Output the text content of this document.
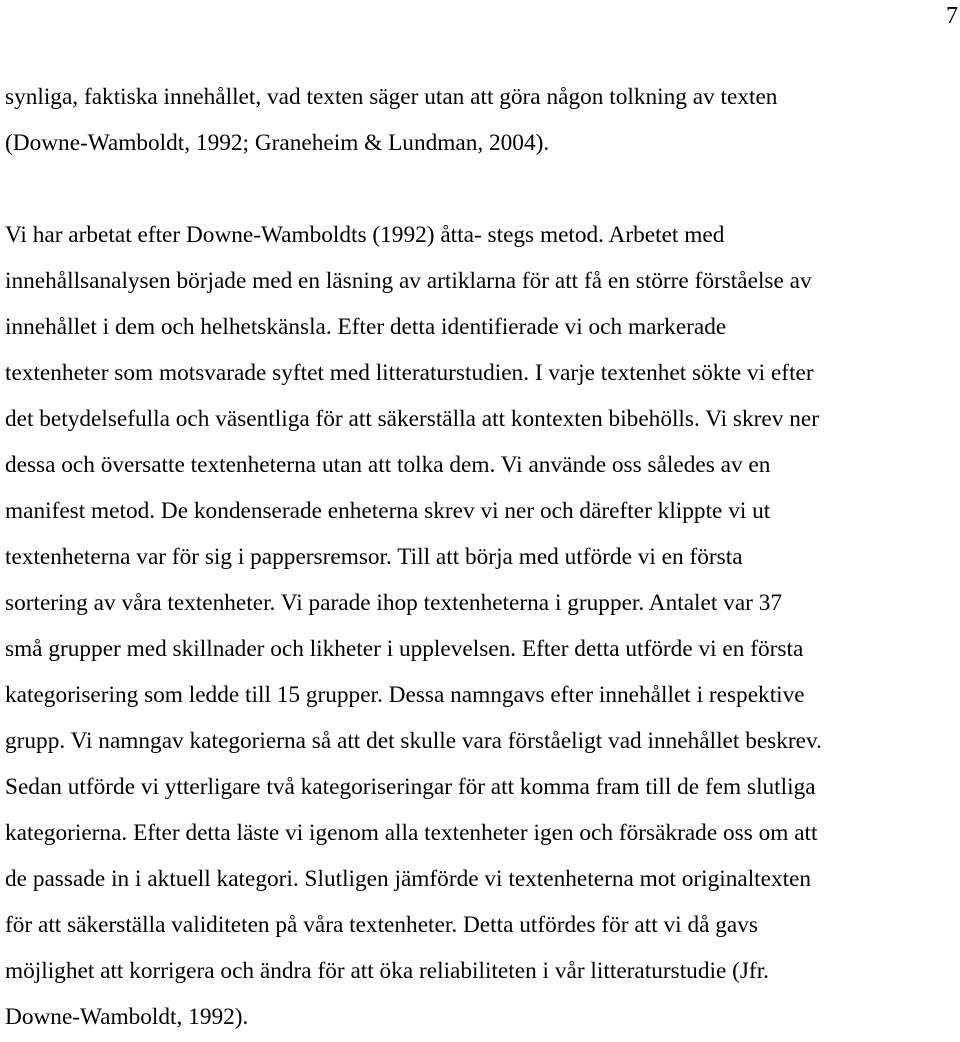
7

synliga, faktiska innehållet, vad texten säger utan att göra någon tolkning av texten

(Downe-Wamboldt, 1992; Graneheim & Lundman, 2004).

Vi har arbetat efter Downe-Wamboldts (1992) åtta- stegs metod. Arbetet med

innehållsanalysen började med en läsning av artiklarna för att få en större förståelse av

innehållet i dem och helhetskänsla. Efter detta identifierade vi och markerade

textenheter som motsvarade syftet med litteraturstudien. I varje textenhet sökte vi efter

det betydelsefulla och väsentliga för att säkerställa att kontexten bibehölls. Vi skrev ner

dessa och översatte textenheterna utan att tolka dem. Vi använde oss således av en

manifest metod. De kondenserade enheterna skrev vi ner och därefter klippte vi ut

textenheterna var för sig i pappersremsor. Till att börja med utförde vi en första

sortering av våra textenheter. Vi parade ihop textenheterna i grupper. Antalet var 37

små grupper med skillnader och likheter i upplevelsen. Efter detta utförde vi en första

kategorisering som ledde till 15 grupper. Dessa namngavs efter innehållet i respektive

grupp. Vi namngav kategorierna så att det skulle vara förståeligt vad innehållet beskrev.

Sedan utförde vi ytterligare två kategoriseringar för att komma fram till de fem slutliga

kategorierna. Efter detta läste vi igenom alla textenheter igen och försäkrade oss om att

de passade in i aktuell kategori. Slutligen jämförde vi textenheterna mot originaltexten

för att säkerställa validiteten på våra textenheter. Detta utfördes för att vi då gavs

möjlighet att korrigera och ändra för att öka reliabiliteten i vår litteraturstudie (Jfr.

Downe-Wamboldt, 1992).
